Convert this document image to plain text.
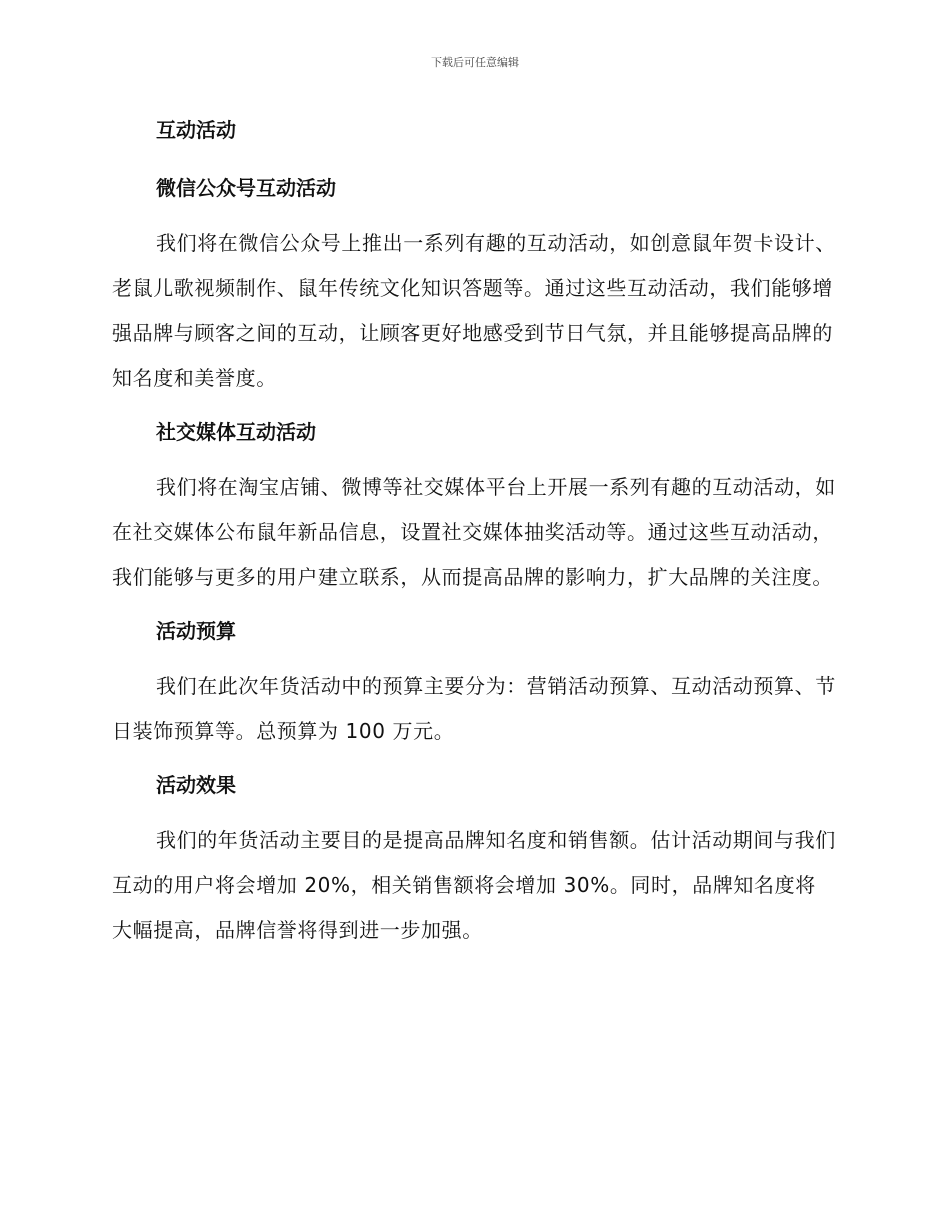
下载后可任意编辑
互动活动
微信公众号互动活动

我们将在微信公众号上推出一系列有趣的互动活动，如创意鼠年贺卡设计、老鼠儿歌视频制作、鼠年传统文化知识答题等。通过这些互动活动，我们能够增强品牌与顾客之间的互动，让顾客更好地感受到节日气氛，并且能够提高品牌的知名度和美誉度。

社交媒体互动活动

我们将在淘宝店铺、微博等社交媒体平台上开展一系列有趣的互动活动，如在社交媒体公布鼠年新品信息，设置社交媒体抽奖活动等。通过这些互动活动，我们能够与更多的用户建立联系，从而提高品牌的影响力，扩大品牌的关注度。

活动预算

我们在此次年货活动中的预算主要分为：营销活动预算、互动活动预算、节日装饰预算等。总预算为 100 万元。

活动效果

我们的年货活动主要目的是提高品牌知名度和销售额。估计活动期间与我们互动的用户将会增加 20%，相关销售额将会增加 30%。同时，品牌知名度将大幅提高，品牌信誉将得到进一步加强。
